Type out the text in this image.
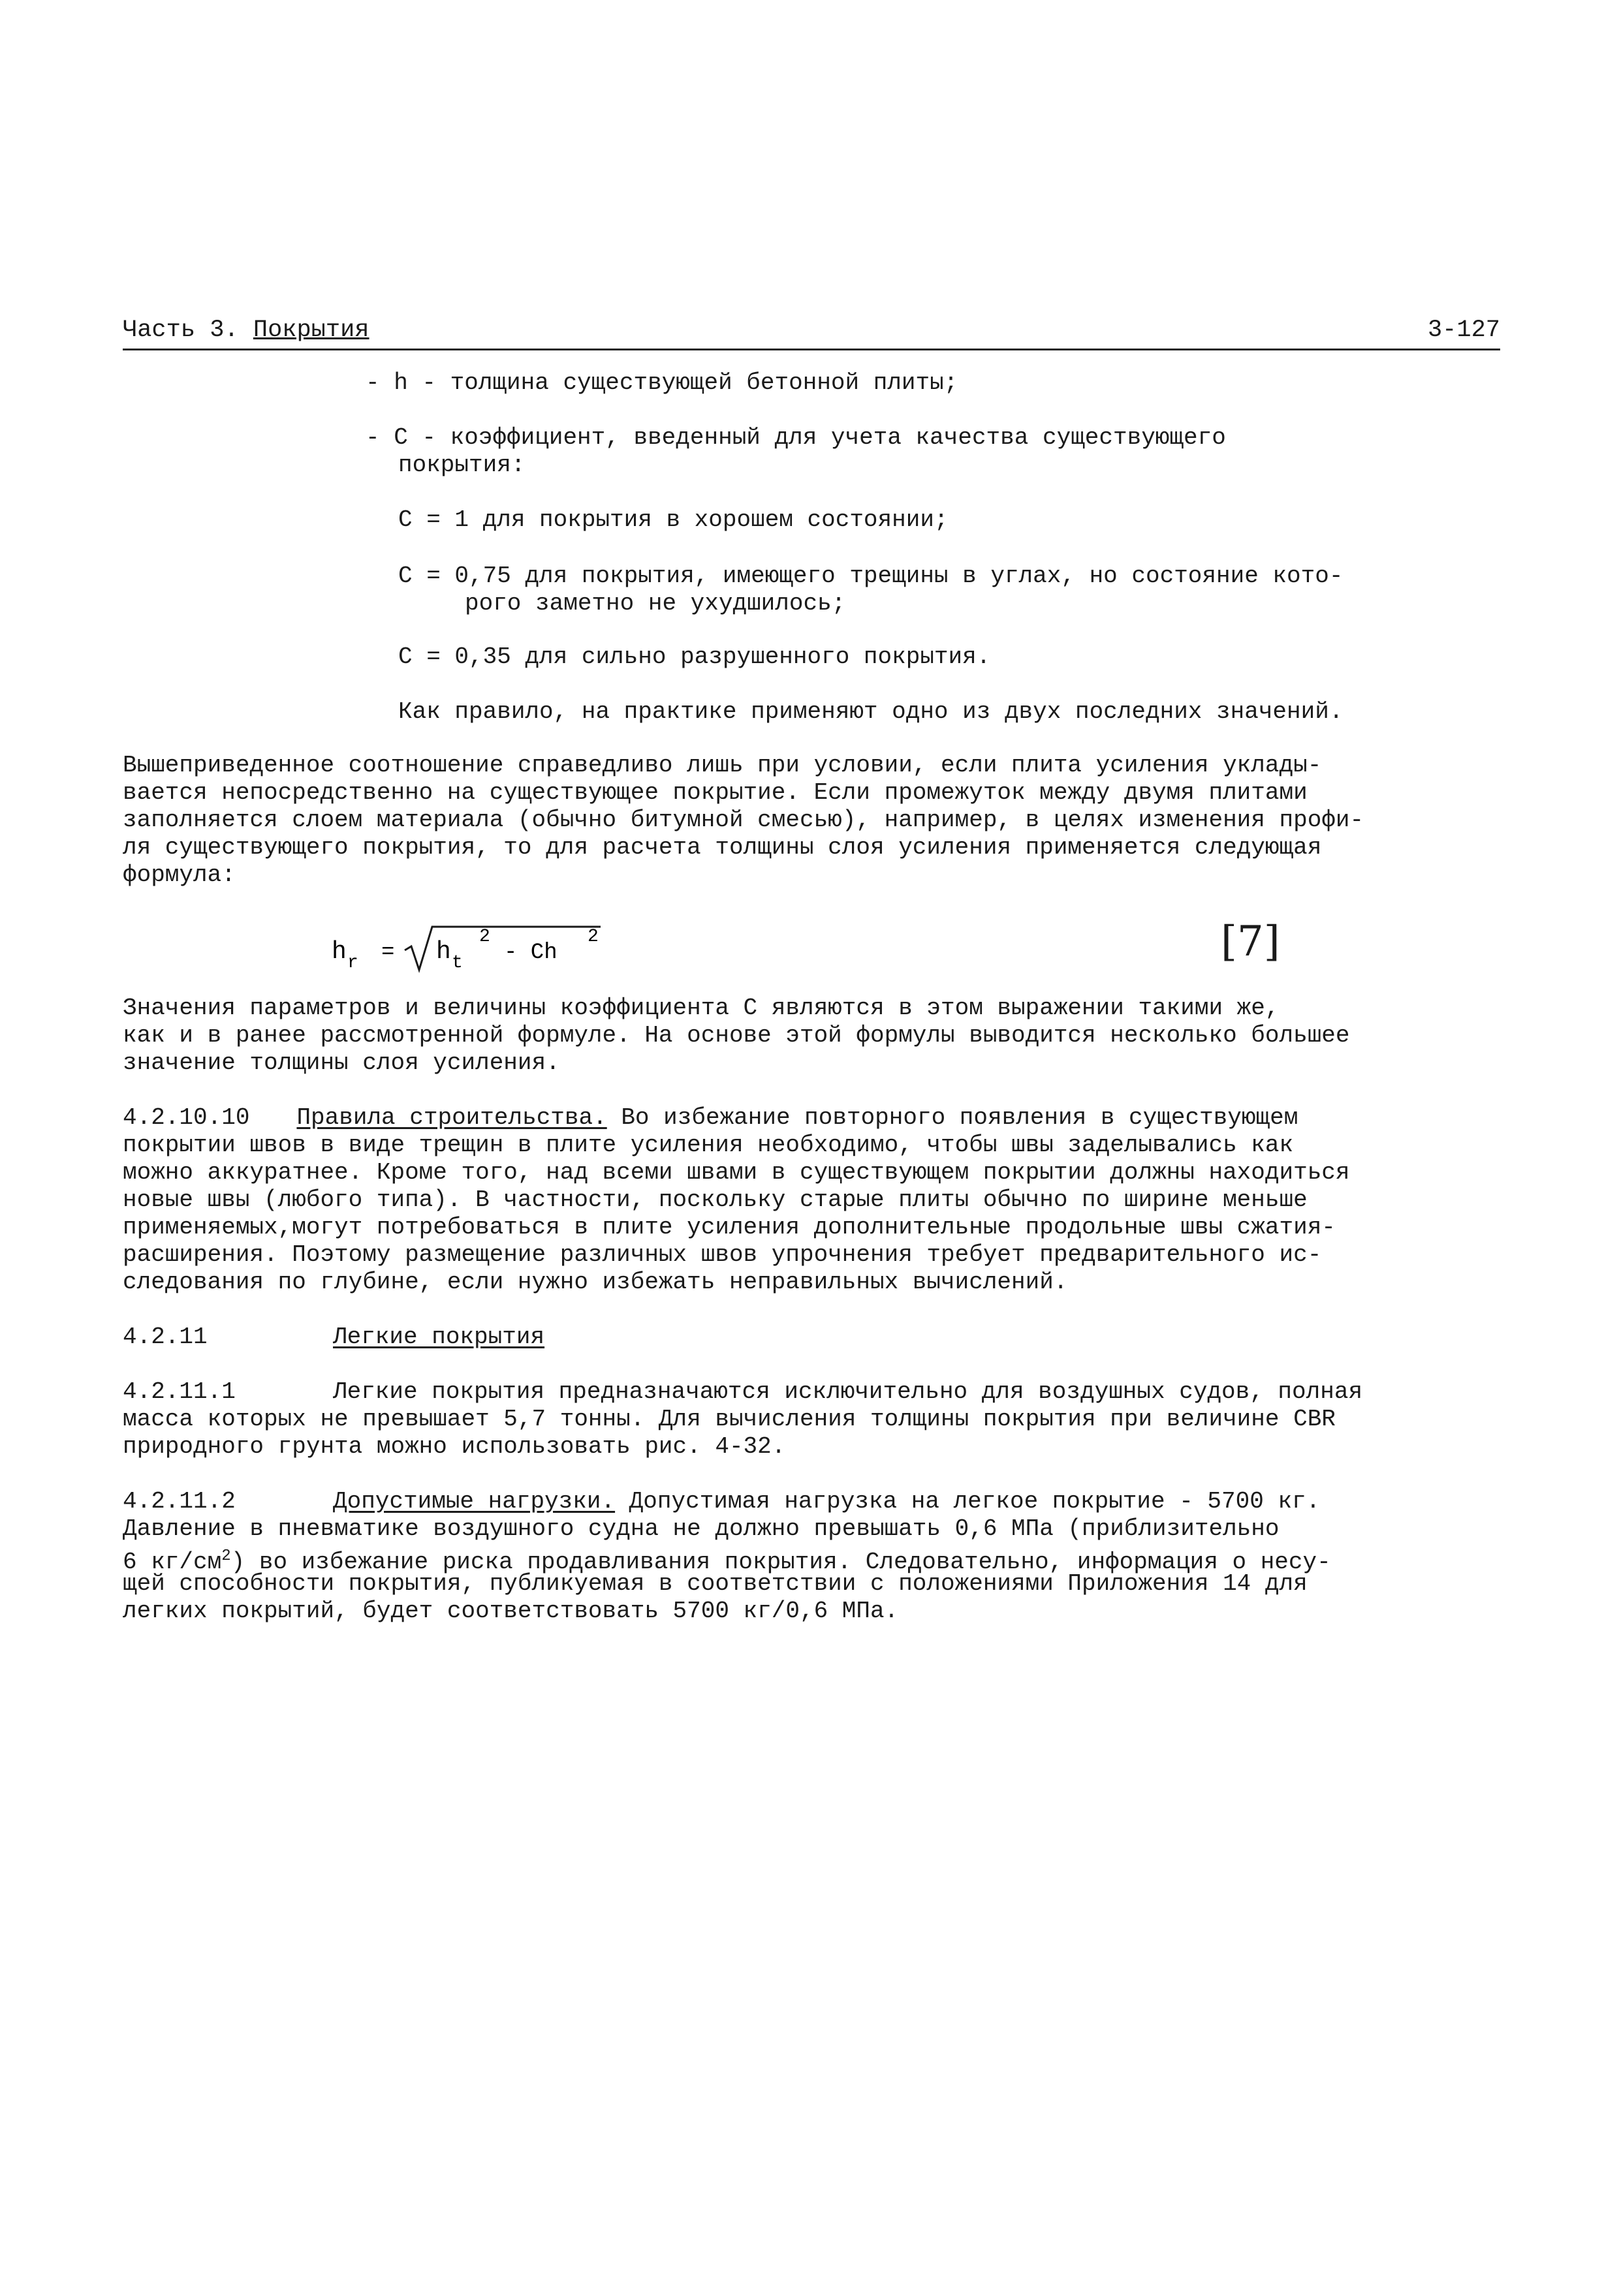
Часть 3. Покрытия	3-127
- h - толщина существующей бетонной плиты;
- C - коэффициент, введенный для учета качества существующего
покрытия:
C = 1 для покрытия в хорошем состоянии;
C = 0,75 для покрытия, имеющего трещины в углах, но состояние кото-
рого заметно не ухудшилось;
C = 0,35 для сильно разрушенного покрытия.
Как правило, на практике применяют одно из двух последних значений.
Вышеприведенное соотношение справедливо лишь при условии, если плита усиления уклады-
вается непосредственно на существующее покрытие. Если промежуток между двумя плитами
заполняется слоем материала (обычно битумной смесью), например, в целях изменения профи-
ля существующего покрытия, то для расчета толщины слоя усиления применяется следующая
формула:
h r = h t
2
- Ch
2	[7]
Значения параметров и величины коэффициента C являются в этом выражении такими же,
как и в ранее рассмотренной формуле. На основе этой формулы выводится несколько большее
значение толщины слоя усиления.
4.2.10.10 Правила строительства. Во избежание повторного появления в существующем
покрытии швов в виде трещин в плите усиления необходимо, чтобы швы заделывались как
можно аккуратнее. Кроме того, над всеми швами в существующем покрытии должны находиться
новые швы (любого типа). В частности, поскольку старые плиты обычно по ширине меньше
применяемых,могут потребоваться в плите усиления дополнительные продольные швы сжатия-
расширения. Поэтому размещение различных швов упрочнения требует предварительного ис-
следования по глубине, если нужно избежать неправильных вычислений.
4.2.11	Легкие покрытия
4.2.11.1	Легкие покрытия предназначаются исключительно для воздушных судов, полная
масса которых не превышает 5,7 тонны. Для вычисления толщины покрытия при величине CBR
природного грунта можно использовать рис. 4-32.
4.2.11.2	Допустимые нагрузки. Допустимая нагрузка на легкое покрытие - 5700 кг.
Давление в пневматике воздушного судна не должно превышать 0,6 МПа (приблизительно
6 $кг/см^2$) во избежание риска продавливания покрытия. Следовательно, информация о несу-
щей способности покрытия, публикуемая в соответствии с положениями Приложения 14 для
легких покрытий, будет соответствовать 5700 кг/0,6 МПа.
